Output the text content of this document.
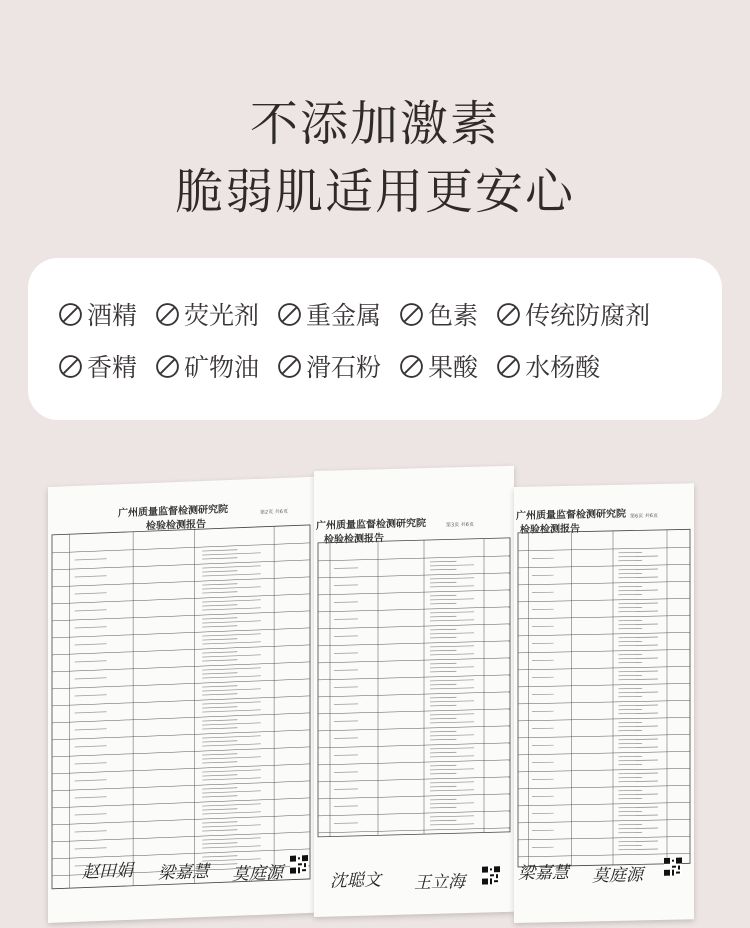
不添加激素
脆弱肌适用更安心
酒精 荧光剂 重金属 色素 传统防腐剂
香精 矿物油 滑石粉 果酸 水杨酸
广州质量监督检测研究院
检验检测报告
第2页 共6页
赵田娟 梁嘉慧 莫庭源
广州质量监督检测研究院
检验检测报告
第3页 共6页
沈聪文 王立海
广州质量监督检测研究院
检验检测报告
第6页 共6页
梁嘉慧 莫庭源
